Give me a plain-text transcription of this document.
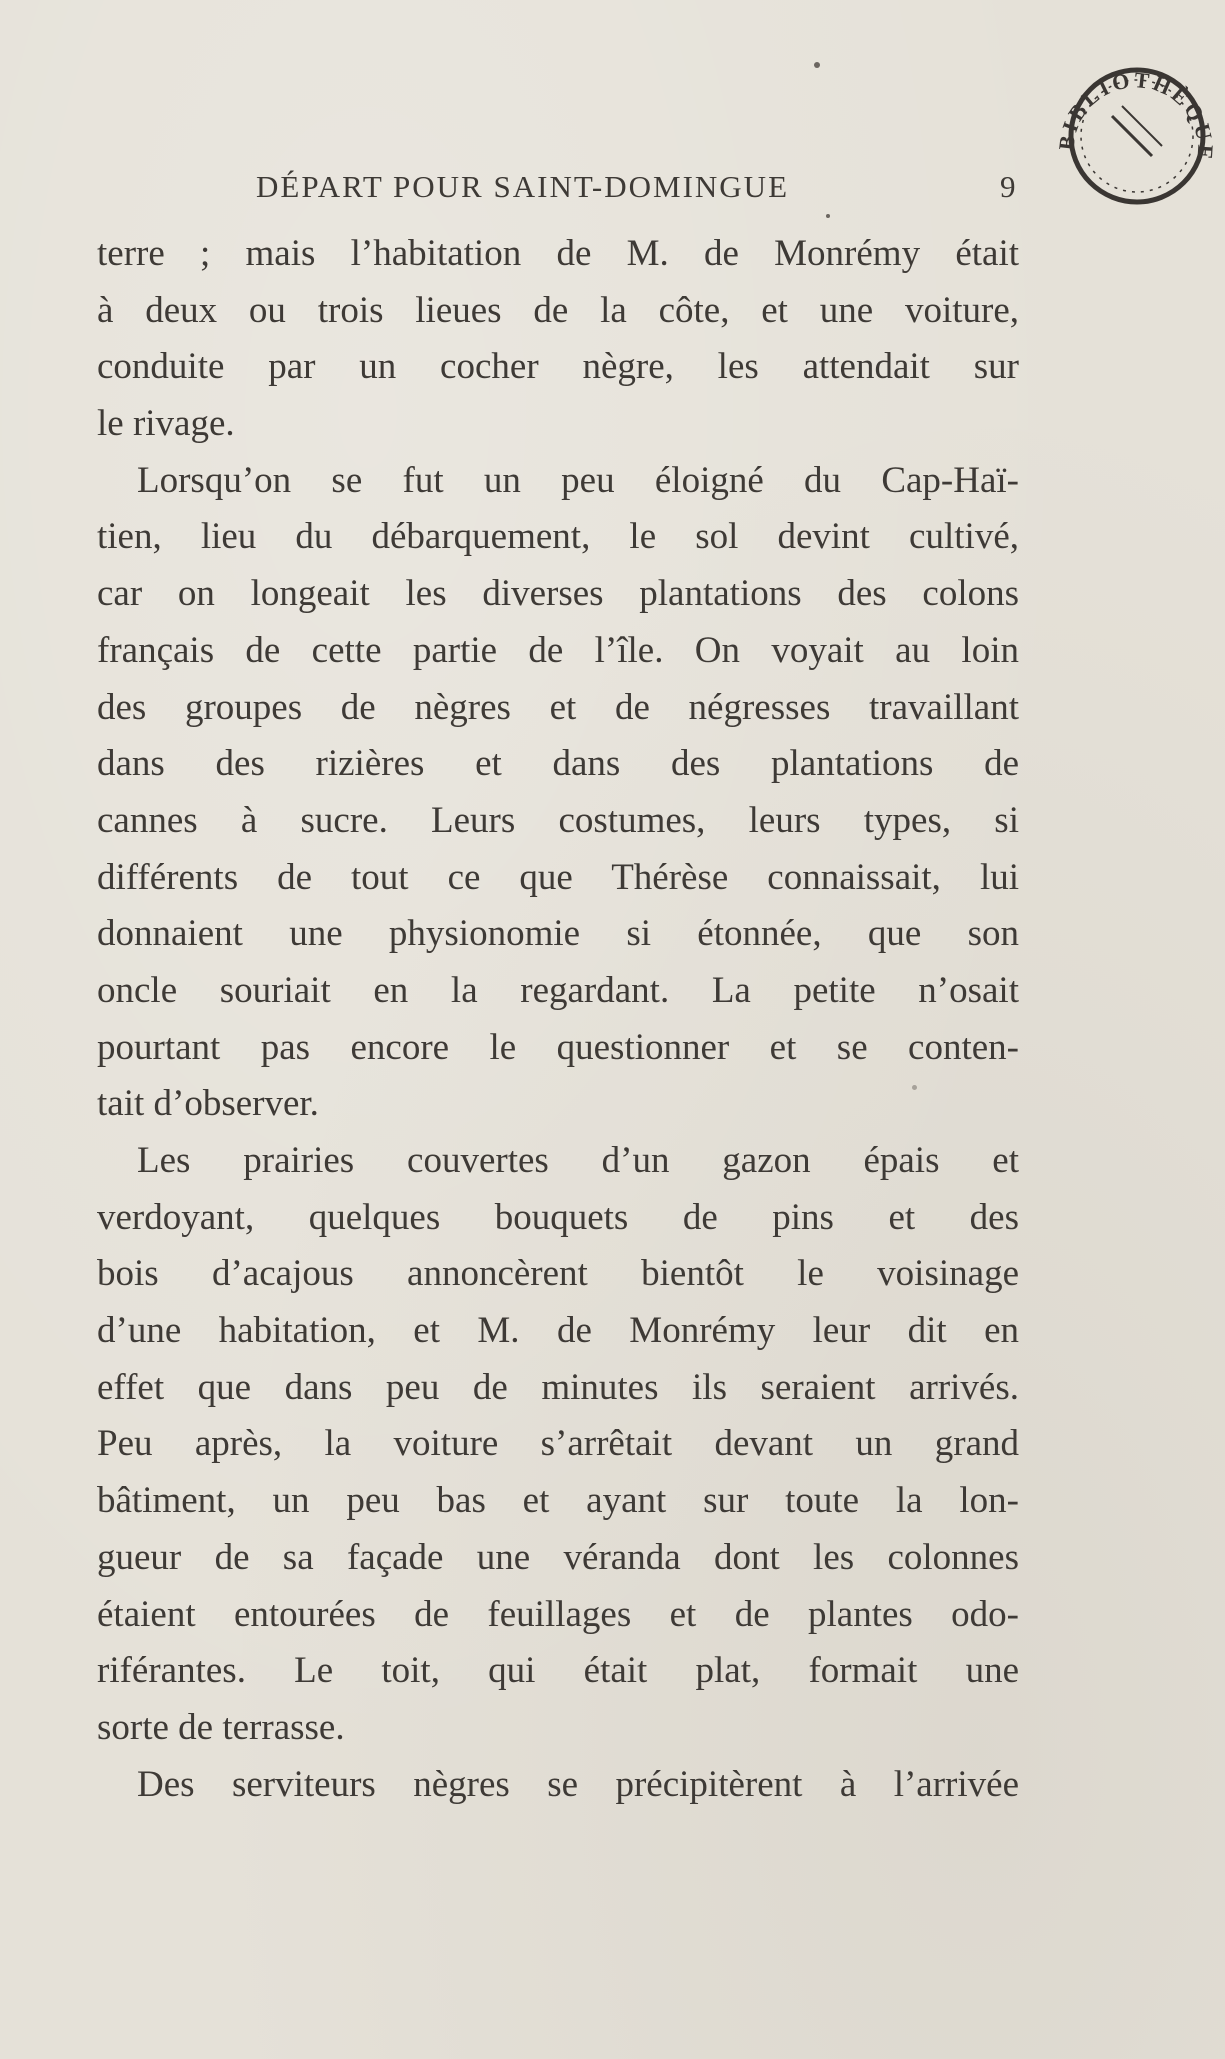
DÉPART POUR SAINT-DOMINGUE	9
BIBLIOTHÈQUE

terre ; mais l’habitation de M. de Monrémy était
à deux ou trois lieues de la côte, et une voiture,
conduite par un cocher nègre, les attendait sur
le rivage.

Lorsqu’on se fut un peu éloigné du Cap-Haï-
tien, lieu du débarquement, le sol devint cultivé,
car on longeait les diverses plantations des colons
français de cette partie de l’île. On voyait au loin
des groupes de nègres et de négresses travaillant
dans des rizières et dans des plantations de
cannes à sucre. Leurs costumes, leurs types, si
différents de tout ce que Thérèse connaissait, lui
donnaient une physionomie si étonnée, que son
oncle souriait en la regardant. La petite n’osait
pourtant pas encore le questionner et se conten-
tait d’observer.

Les prairies couvertes d’un gazon épais et
verdoyant, quelques bouquets de pins et des
bois d’acajous annoncèrent bientôt le voisinage
d’une habitation, et M. de Monrémy leur dit en
effet que dans peu de minutes ils seraient arrivés.
Peu après, la voiture s’arrêtait devant un grand
bâtiment, un peu bas et ayant sur toute la lon-
gueur de sa façade une véranda dont les colonnes
étaient entourées de feuillages et de plantes odo-
riférantes. Le toit, qui était plat, formait une
sorte de terrasse.

Des serviteurs nègres se précipitèrent à l’arrivée
